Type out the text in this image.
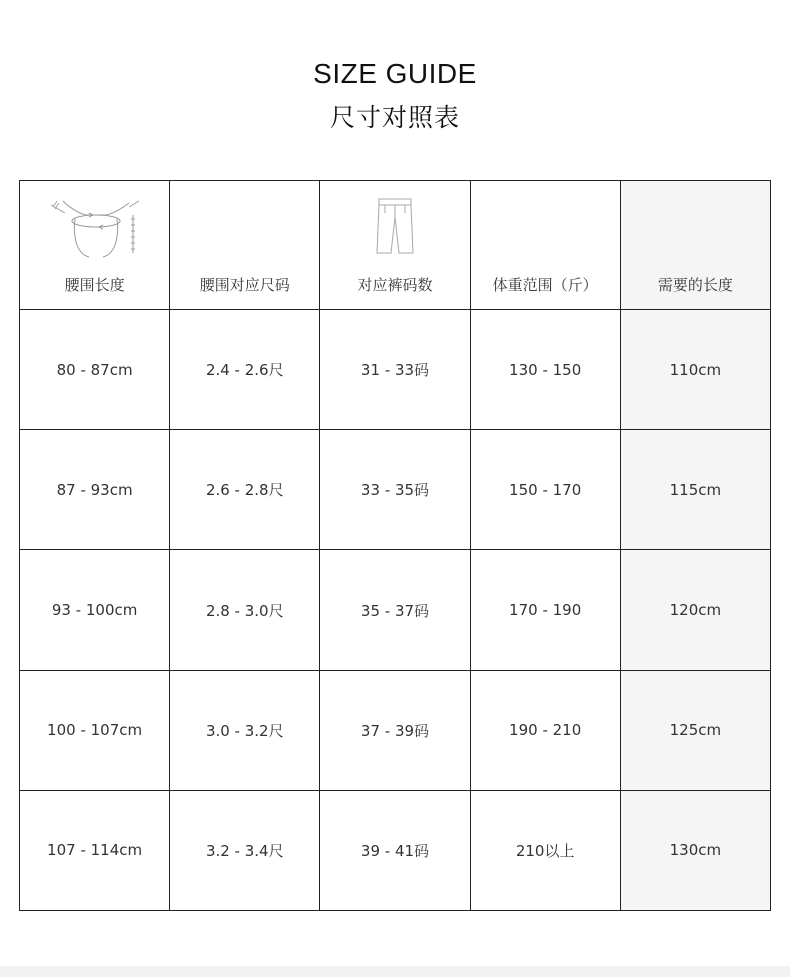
SIZE GUIDE
尺寸对照表
腰围长度	腰围对应尺码	对应裤码数	体重范围（斤）	需要的长度

80 - 87cm	2.4 - 2.6尺	31 - 33码	130 - 150	110cm
87 - 93cm	2.6 - 2.8尺	33 - 35码	150 - 170	115cm
93 - 100cm	2.8 - 3.0尺	35 - 37码	170 - 190	120cm
100 - 107cm	3.0 - 3.2尺	37 - 39码	190 - 210	125cm
107 - 114cm	3.2 - 3.4尺	39 - 41码	210以上	130cm
